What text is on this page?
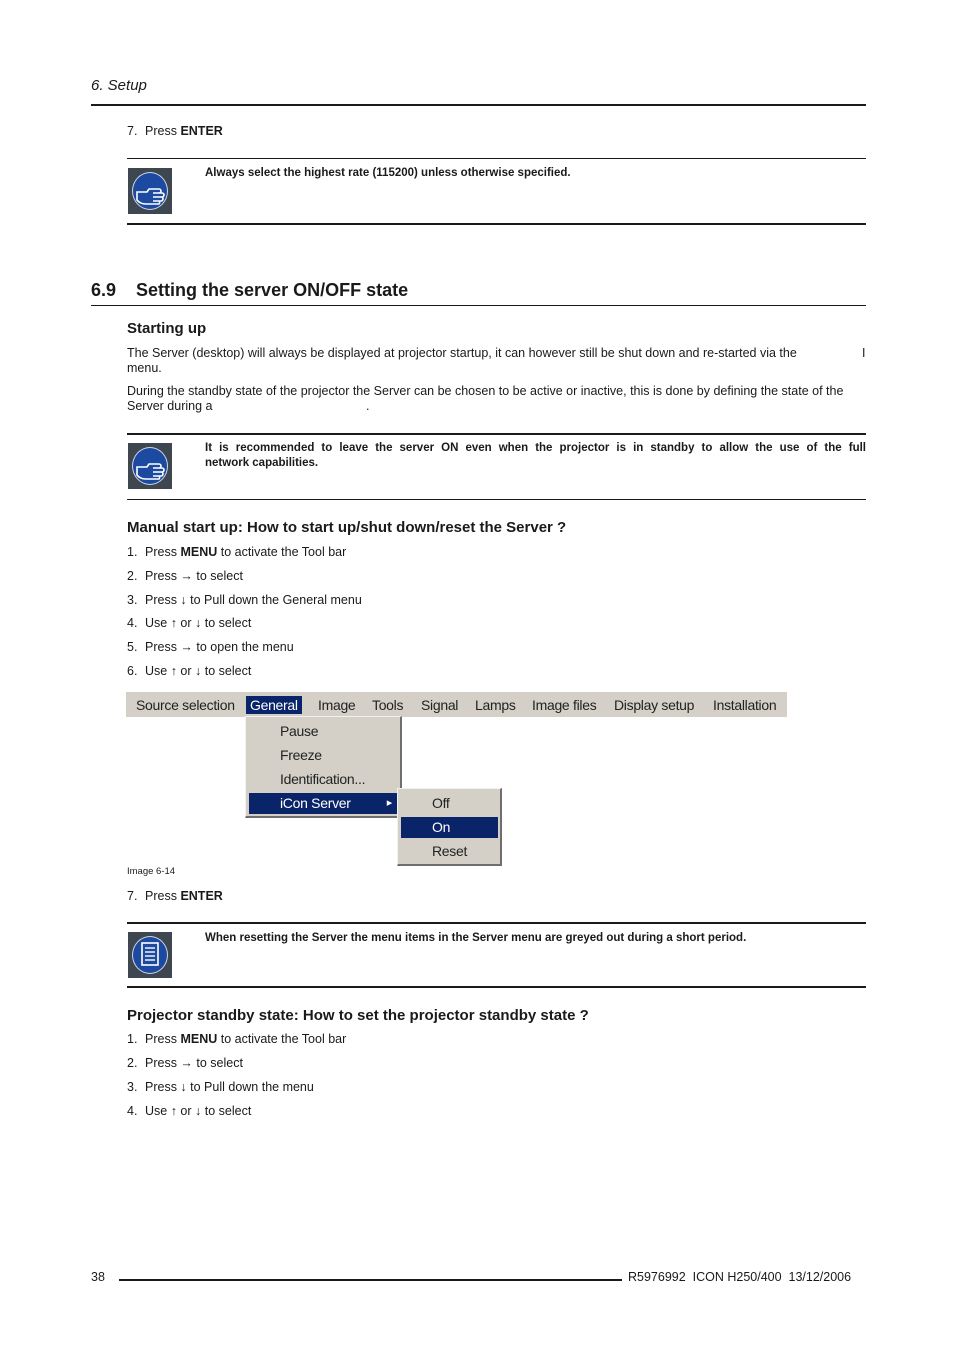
6. Setup
7. Press ENTER
Always select the highest rate (115200) unless otherwise specified.
6.9 Setting the server ON/OFF state
Starting up
The Server (desktop) will always be displayed at projector startup, it can however still be shut down and re-started via the	I
menu.
During the standby state of the projector the Server can be chosen to be active or inactive, this is done by defining the state of the
Server during a	.
It is recommended to leave the server ON even when the projector is in standby to allow the use of the full
network capabilities.
Manual start up: How to start up/shut down/reset the Server ?
1. Press MENU to activate the Tool bar
2. Press → to select
3. Press ↓ to Pull down the General menu
4. Use ↑ or ↓ to select
5. Press → to open the menu
6. Use ↑ or ↓ to select
Source selection General Image Tools Signal Lamps Image files Display setup Installation
Pause
Freeze
Identification...
iCon Server	▸	Off
On
Reset
Image 6-14
7. Press ENTER
When resetting the Server the menu items in the Server menu are greyed out during a short period.
Projector standby state: How to set the projector standby state ?
1. Press MENU to activate the Tool bar
2. Press → to select
3. Press ↓ to Pull down the menu
4. Use ↑ or ↓ to select
38	R5976992  ICON H250/400  13/12/2006
